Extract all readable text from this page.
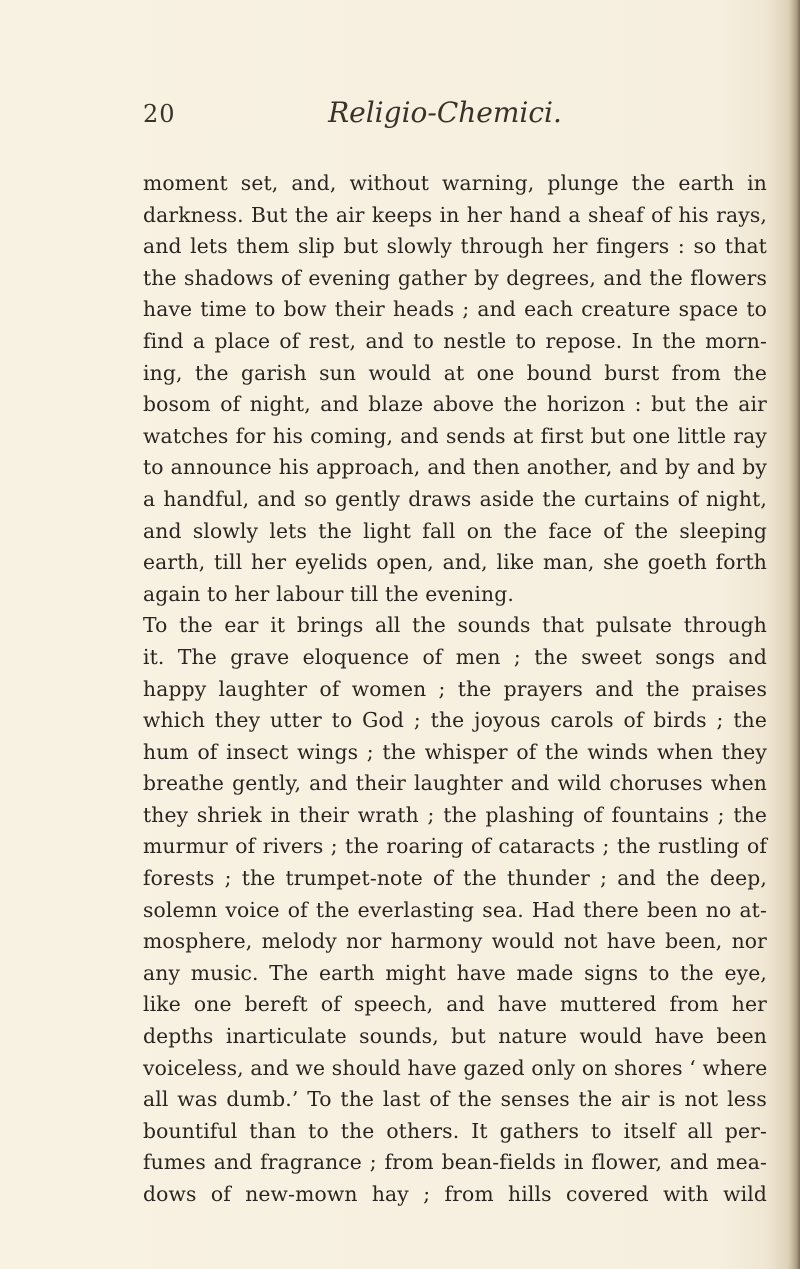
20	Religio-Chemici.
moment set, and, without warning, plunge the earth in
darkness. But the air keeps in her hand a sheaf of his rays,
and lets them slip but slowly through her fingers : so that
the shadows of evening gather by degrees, and the flowers
have time to bow their heads ; and each creature space to
find a place of rest, and to nestle to repose. In the morn-
ing, the garish sun would at one bound burst from the
bosom of night, and blaze above the horizon : but the air
watches for his coming, and sends at first but one little ray
to announce his approach, and then another, and by and by
a handful, and so gently draws aside the curtains of night,
and slowly lets the light fall on the face of the sleeping
earth, till her eyelids open, and, like man, she goeth forth
again to her labour till the evening.
To the ear it brings all the sounds that pulsate through
it. The grave eloquence of men ; the sweet songs and
happy laughter of women ; the prayers and the praises
which they utter to God ; the joyous carols of birds ; the
hum of insect wings ; the whisper of the winds when they
breathe gently, and their laughter and wild choruses when
they shriek in their wrath ; the plashing of fountains ; the
murmur of rivers ; the roaring of cataracts ; the rustling of
forests ; the trumpet-note of the thunder ; and the deep,
solemn voice of the everlasting sea. Had there been no at-
mosphere, melody nor harmony would not have been, nor
any music. The earth might have made signs to the eye,
like one bereft of speech, and have muttered from her
depths inarticulate sounds, but nature would have been
voiceless, and we should have gazed only on shores ‘ where
all was dumb.’ To the last of the senses the air is not less
bountiful than to the others. It gathers to itself all per-
fumes and fragrance ; from bean-fields in flower, and mea-
dows of new-mown hay ; from hills covered with wild
